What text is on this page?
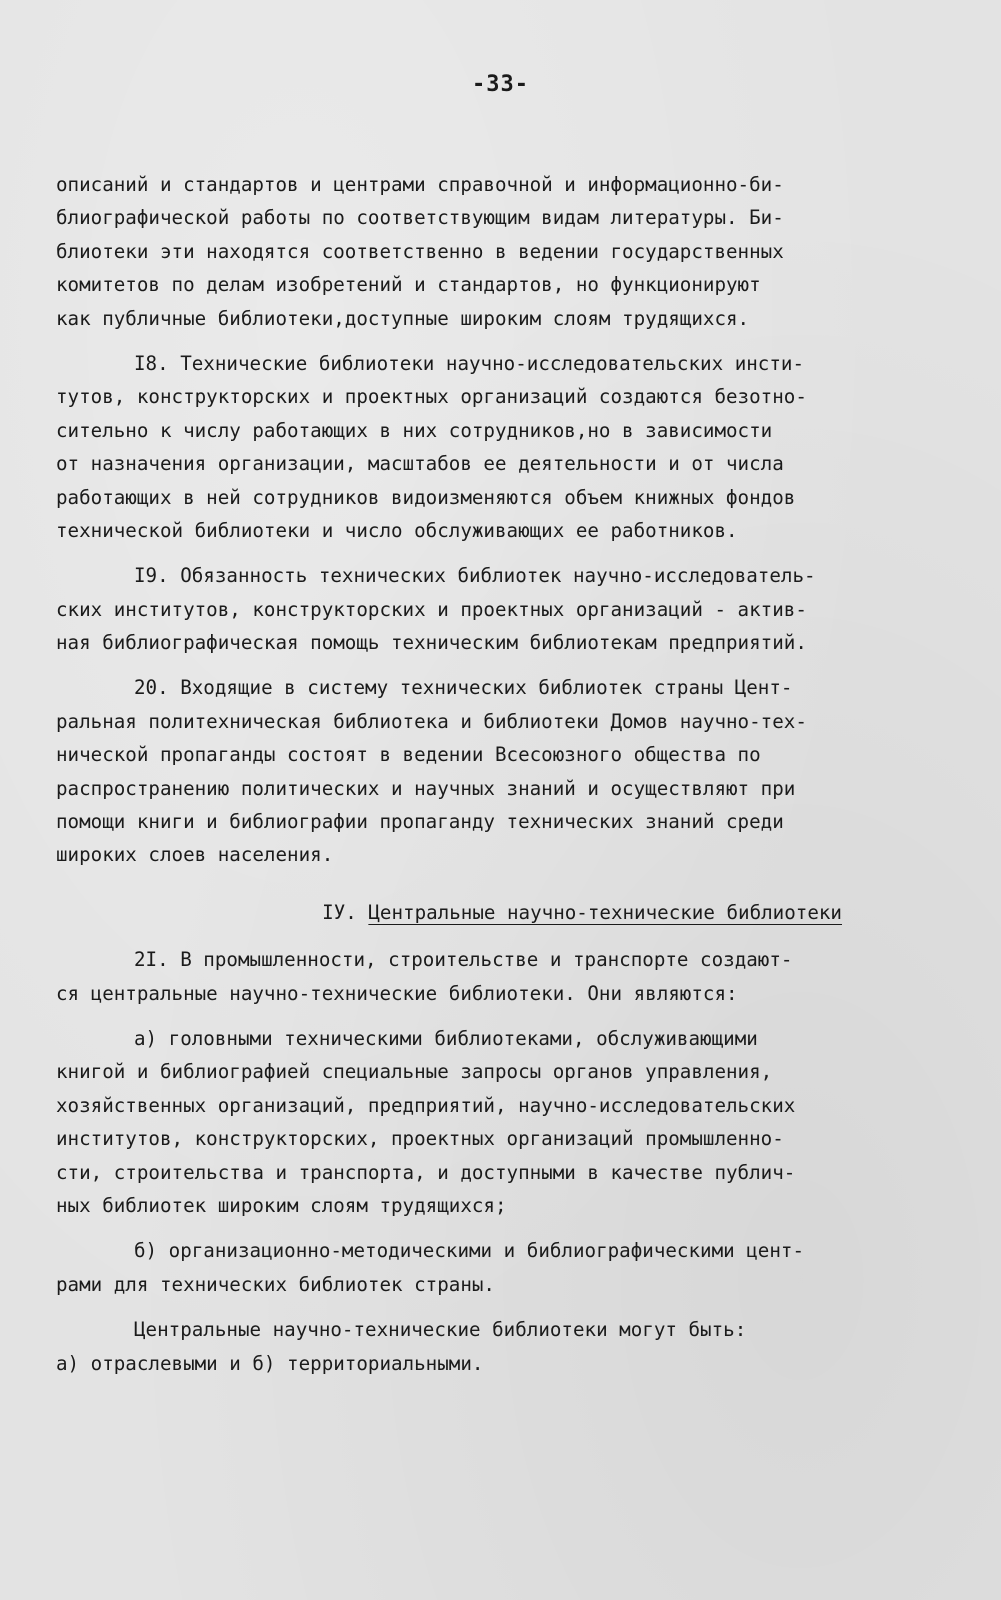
-33-
описаний и стандартов и центрами справочной и информационно-би-
блиографической работы по соответствующим видам литературы. Би-
блиотеки эти находятся соответственно в ведении государственных
комитетов по делам изобретений и стандартов, но функционируют
как публичные библиотеки,доступные широким слоям трудящихся.
I8. Технические библиотеки научно-исследовательских инсти-
тутов, конструкторских и проектных организаций создаются безотно-
сительно к числу работающих в них сотрудников,но в зависимости
от назначения организации, масштабов ее деятельности и от числа
работающих в ней сотрудников видоизменяются объем книжных фондов
технической библиотеки и число обслуживающих ее работников.
I9. Обязанность технических библиотек научно-исследователь-
ских институтов, конструкторских и проектных организаций - актив-
ная библиографическая помощь техническим библиотекам предприятий.
20. Входящие в систему технических библиотек страны Цент-
ральная политехническая библиотека и библиотеки Домов научно-тех-
нической пропаганды состоят в ведении Всесоюзного общества по
распространению политических и научных знаний и осуществляют при
помощи книги и библиографии пропаганду технических знаний среди
широких слоев населения.
IУ. Центральные научно-технические библиотеки
2I. В промышленности, строительстве и транспорте создают-
ся центральные научно-технические библиотеки. Они являются:
а) головными техническими библиотеками, обслуживающими
книгой и библиографией специальные запросы органов управления,
хозяйственных организаций, предприятий, научно-исследовательских
институтов, конструкторских, проектных организаций промышленно-
сти, строительства и транспорта, и доступными в качестве публич-
ных библиотек широким слоям трудящихся;
б) организационно-методическими и библиографическими цент-
рами для технических библиотек страны.
Центральные научно-технические библиотеки могут быть:
а) отраслевыми и б) территориальными.
